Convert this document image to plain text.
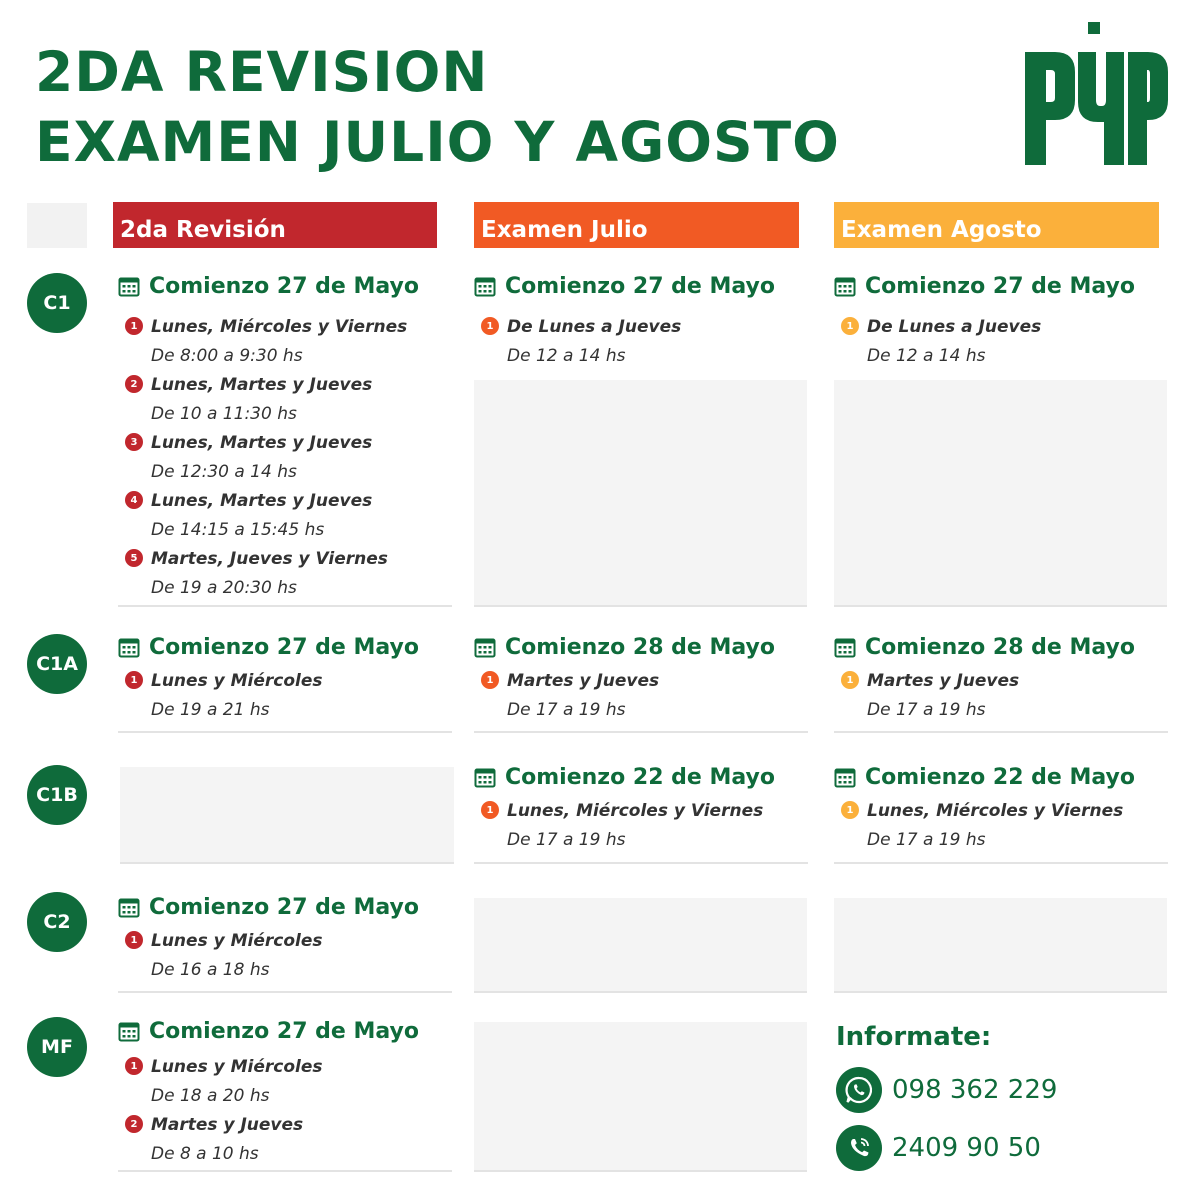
2DA REVISION
EXAMEN JULIO Y AGOSTO
2da Revisión	Examen Julio	Examen Agosto
C1
C1A
C1B
C2
MF
Comienzo 27 de Mayo
1 Lunes, Miércoles y Viernes
De 8:00 a 9:30 hs
2 Lunes, Martes y Jueves
De 10 a 11:30 hs
3 Lunes, Martes y Jueves
De 12:30 a 14 hs
4 Lunes, Martes y Jueves
De 14:15 a 15:45 hs
5 Martes, Jueves y Viernes
De 19 a 20:30 hs
Comienzo 27 de Mayo
1 De Lunes a Jueves
De 12 a 14 hs
Comienzo 27 de Mayo
1 De Lunes a Jueves
De 12 a 14 hs
Comienzo 27 de Mayo
1 Lunes y Miércoles
De 19 a 21 hs
Comienzo 28 de Mayo
1 Martes y Jueves
De 17 a 19 hs
Comienzo 28 de Mayo
1 Martes y Jueves
De 17 a 19 hs
Comienzo 22 de Mayo
1 Lunes, Miércoles y Viernes
De 17 a 19 hs
Comienzo 22 de Mayo
1 Lunes, Miércoles y Viernes
De 17 a 19 hs
Comienzo 27 de Mayo
1 Lunes y Miércoles
De 16 a 18 hs
Comienzo 27 de Mayo
1 Lunes y Miércoles
De 18 a 20 hs
2 Martes y Jueves
De 8 a 10 hs
Informate:
098 362 229
2409 90 50
